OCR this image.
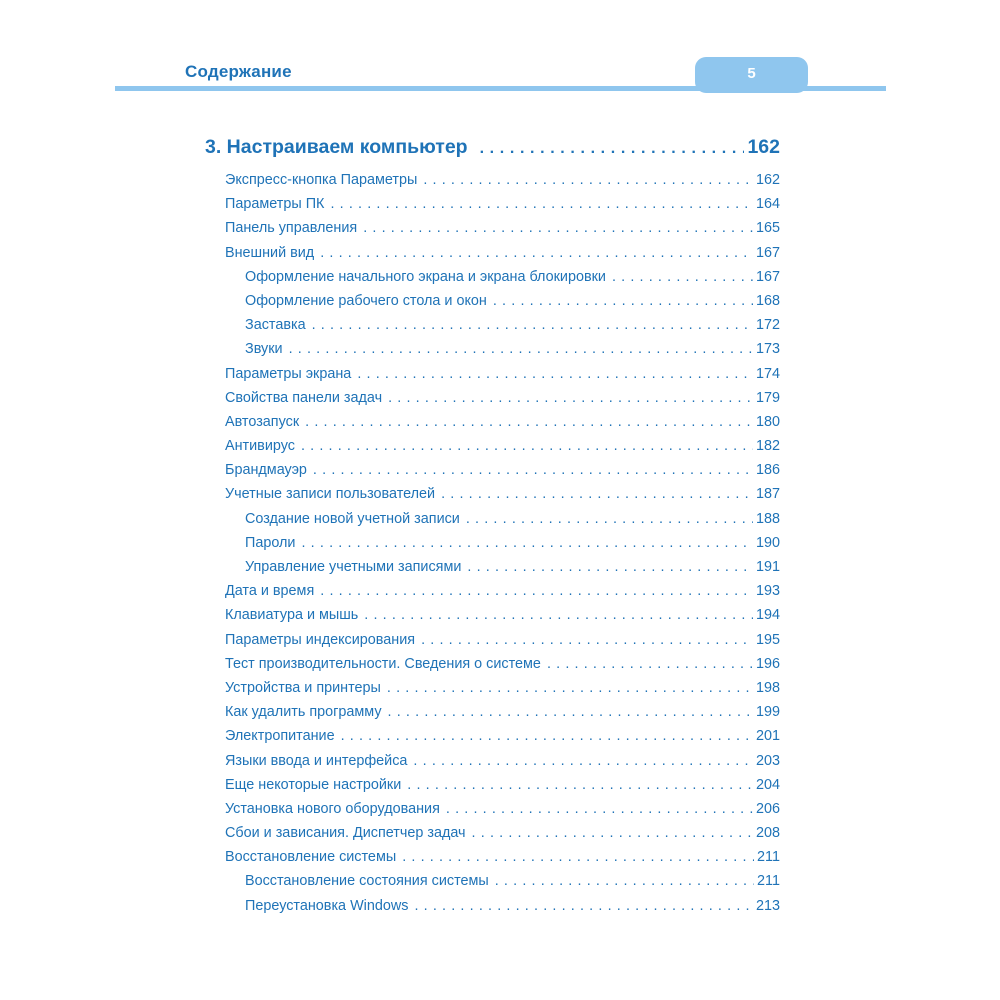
Содержание	5
3. Настраиваем компьютер . . .	162
Экспресс-кнопка Параметры . . .	162
Параметры ПК . . .	164
Панель управления . . .	165
Внешний вид . . .	167
Оформление начального экрана и экрана блокировки . . .	167
Оформление рабочего стола и окон . . .	168
Заставка . . .	172
Звуки . . .	173
Параметры экрана . . .	174
Свойства панели задач . . .	179
Автозапуск . . .	180
Антивирус . . .	182
Брандмауэр . . .	186
Учетные записи пользователей . . .	187
Создание новой учетной записи . . .	188
Пароли . . .	190
Управление учетными записями . . .	191
Дата и время . . .	193
Клавиатура и мышь . . .	194
Параметры индексирования . . .	195
Тест производительности. Сведения о системе . . .	196
Устройства и принтеры . . .	198
Как удалить программу . . .	199
Электропитание . . .	201
Языки ввода и интерфейса . . .	203
Еще некоторые настройки . . .	204
Установка нового оборудования . . .	206
Сбои и зависания. Диспетчер задач . . .	208
Восстановление системы . . .	211
Восстановление состояния системы . . .	211
Переустановка Windows . . .	213
